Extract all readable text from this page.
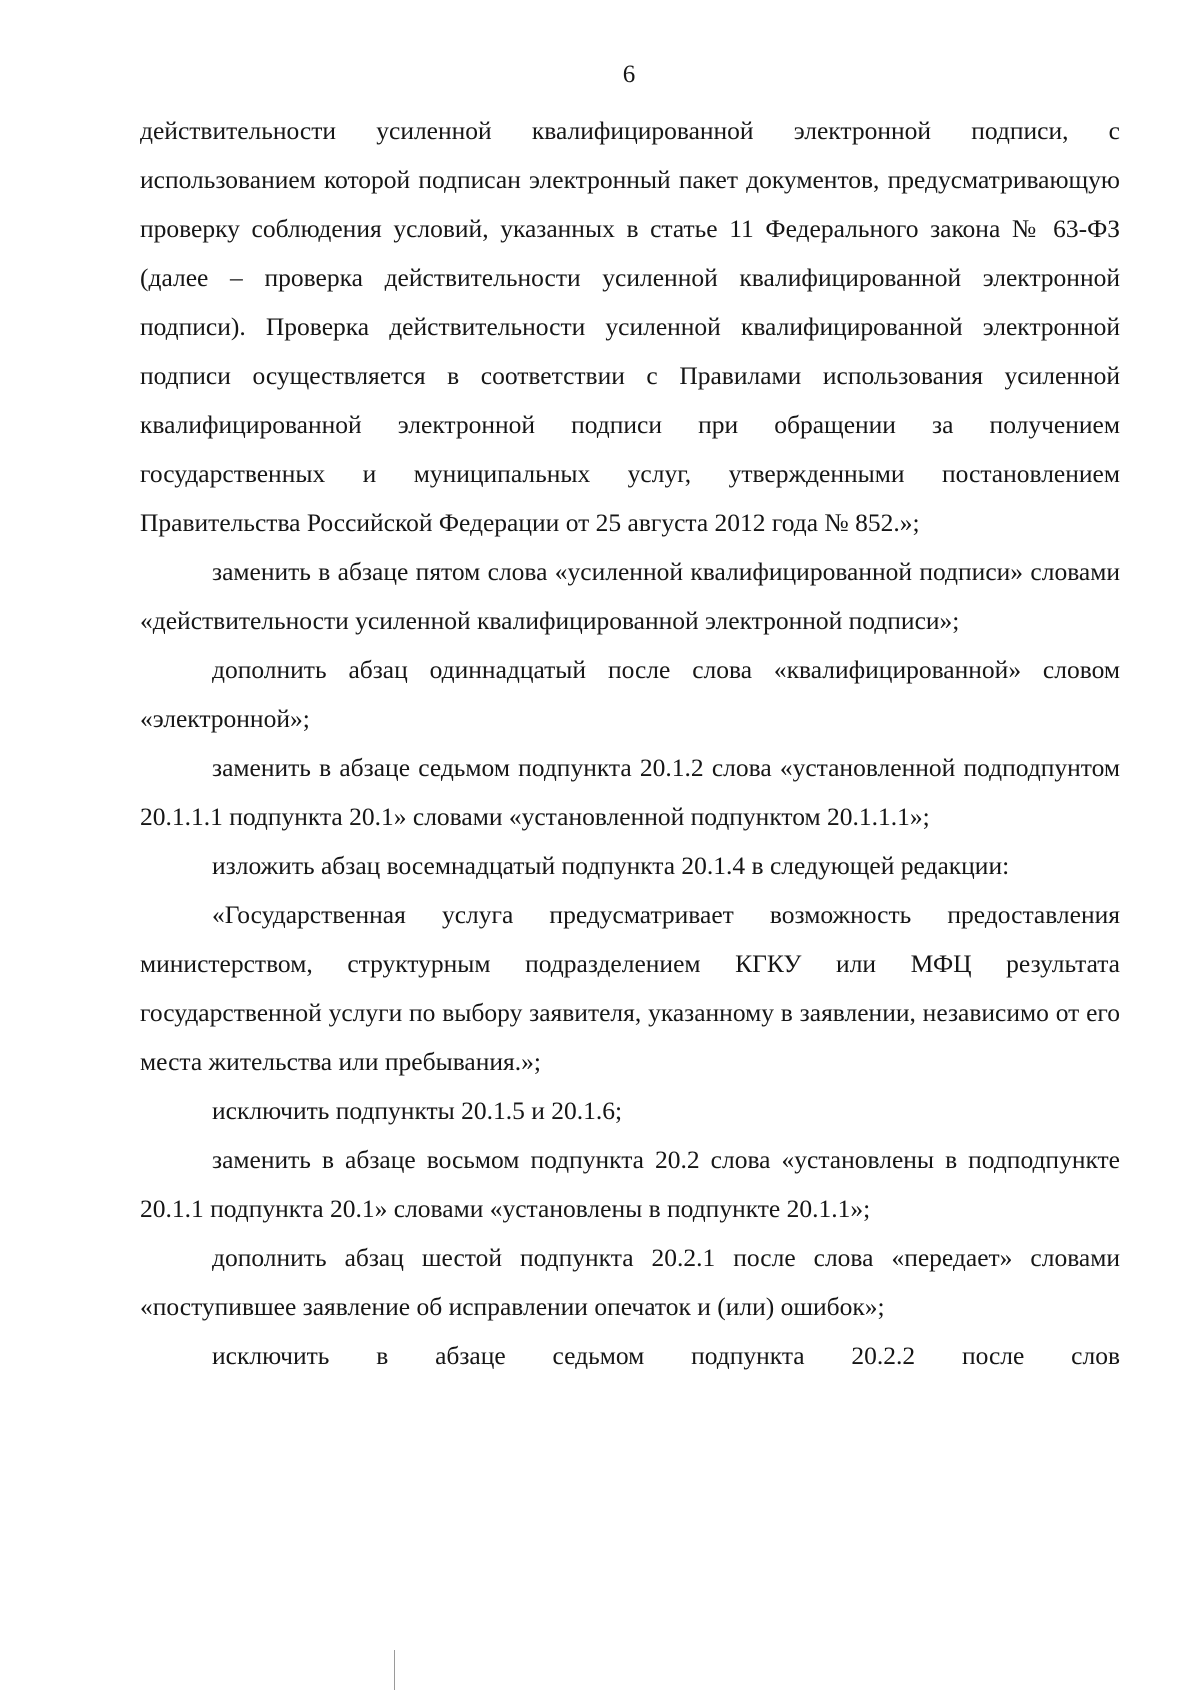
6

действительности усиленной квалифицированной электронной подписи, с использованием которой подписан электронный пакет документов, предусматривающую проверку соблюдения условий, указанных в статье 11 Федерального закона № 63-ФЗ (далее – проверка действительности усиленной квалифицированной электронной подписи). Проверка действительности усиленной квалифицированной электронной подписи осуществляется в соответствии с Правилами использования усиленной квалифицированной электронной подписи при обращении за получением государственных и муниципальных услуг, утвержденными постановлением Правительства Российской Федерации от 25 августа 2012 года № 852.»;

заменить в абзаце пятом слова «усиленной квалифицированной подписи» словами «действительности усиленной квалифицированной электронной подписи»;

дополнить абзац одиннадцатый после слова «квалифицированной» словом «электронной»;

заменить в абзаце седьмом подпункта 20.1.2 слова «установленной подподпунтом 20.1.1.1 подпункта 20.1» словами «установленной подпунктом 20.1.1.1»;

изложить абзац восемнадцатый подпункта 20.1.4 в следующей редакции:

«Государственная услуга предусматривает возможность предоставления министерством, структурным подразделением КГКУ или МФЦ результата государственной услуги по выбору заявителя, указанному в заявлении, независимо от его места жительства или пребывания.»;

исключить подпункты 20.1.5 и 20.1.6;

заменить в абзаце восьмом подпункта 20.2 слова «установлены в подподпункте 20.1.1 подпункта 20.1» словами «установлены в подпункте 20.1.1»;

дополнить абзац шестой подпункта 20.2.1 после слова «передает» словами «поступившее заявление об исправлении опечаток и (или) ошибок»;

исключить в абзаце седьмом подпункта 20.2.2 после слов
